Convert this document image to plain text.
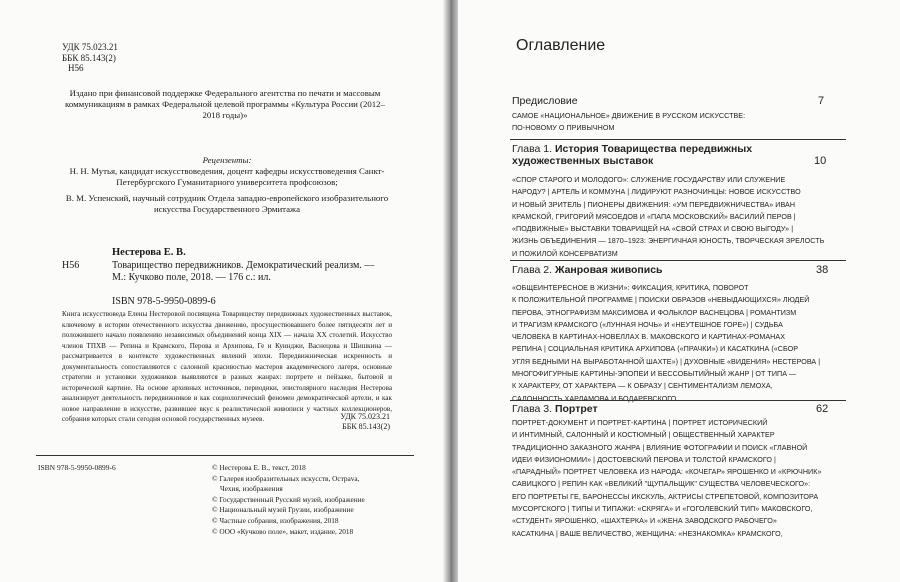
УДК 75.023.21
ББК 85.143(2)
Н56
Издано при финансовой поддержке Федерального агентства по печати и массовым коммуникациям в рамках Федеральной целевой программы «Культура России (2012–2018 годы)»
Рецензенты:
Н. Н. Мутья, кандидат искусствоведения, доцент кафедры искусствоведения Санкт-Петербургского Гуманитарного университета профсоюзов;
В. М. Успенский, научный сотрудник Отдела западно-европейского изобразительного искусства Государственного Эрмитажа
Нестерова Е. В.
Н56	Товарищество передвижников. Демократический реализм. — М.: Кучково поле, 2018. — 176 с.: ил.
ISBN 978-5-9950-0899-6
Книга искусствоведа Елены Нестеровой посвящена Товариществу передвижных художественных выставок, ключевому в истории отечественного искусства движению, просуществовавшего более пятидесяти лет и положившего начало появлению независимых объединений конца XIX — начала XX столетий. Искусство членов ТПХВ — Репина и Крамского, Перова и Архипова, Ге и Куинджи, Васнецова и Шишкина — рассматривается в контексте художественных явлений эпохи. Передвижническая искренность и документальность сопоставляются с салонной красивостью мастеров академического лагеря, основные стратегии и установки художников выявляются в разных жанрах: портрете и пейзаже, бытовой и исторической картине. На основе архивных источников, периодики, эпистолярного наследия Нестерова анализирует деятельность передвижников и как социологический феномен демократической артели, и как новое направление в искусстве, развившее вкус к реалистической живописи у частных коллекционеров, собрания которых стали сегодня основой государственных музеев.	УДК 75.023.21
ББК 85.143(2)
ISBN 978-5-9950-0899-6	© Нестерова Е. В., текст, 2018
© Галерея изобразительных искусств, Остраva,
Чехия, изображения
© Государственный Русский музей, изображение
© Национальный музей Грузии, изображение
© Частные собрания, изображения, 2018
© ООО «Кучково поле», макет, издание, 2018
Оглавление
Предисловие	7
САМОЕ «НАЦИОНАЛЬНОЕ» ДВИЖЕНИЕ В РУССКОМ ИСКУССТВЕ:
ПО-НОВОМУ О ПРИВЫЧНОМ
Глава 1. История Товарищества передвижных
художественных выставок	10
«СПОР СТАРОГО И МОЛОДОГО»: СЛУЖЕНИЕ ГОСУДАРСТВУ ИЛИ СЛУЖЕНИЕ
НАРОДУ? | АРТЕЛЬ И КОММУНА | ЛИДИРУЮТ РАЗНОЧИНЦЫ: НОВОЕ ИСКУССТВО
И НОВЫЙ ЗРИТЕЛЬ | ПИОНЕРЫ ДВИЖЕНИЯ: «УМ ПЕРЕДВИЖНИЧЕСТВА» ИВАН
КРАМСКОЙ, ГРИГОРИЙ МЯСОЕДОВ И «ПАПА МОСКОВСКИЙ» ВАСИЛИЙ ПЕРОВ |
«ПОДВИЖНЫЕ» ВЫСТАВКИ ТОВАРИЩЕЙ НА «СВОЙ СТРАХ И СВОЮ ВЫГОДУ» |
ЖИЗНЬ ОБЪЕДИНЕНИЯ — 1870–1923: ЭНЕРГИЧНАЯ ЮНОСТЬ, ТВОРЧЕСКАЯ ЗРЕЛОСТЬ
И ПОЖИЛОЙ КОНСЕРВАТИЗМ
Глава 2. Жанровая живопись	38
«ОБЩЕИНТЕРЕСНОЕ В ЖИЗНИ»: ФИКСАЦИЯ, КРИТИКА, ПОВОРОТ
К ПОЛОЖИТЕЛЬНОЙ ПРОГРАММЕ | ПОИСКИ ОБРАЗОВ «НЕВЫДАЮЩИХСЯ» ЛЮДЕЙ
ПЕРОВА, ЭТНОГРАФИЗМ МАКСИМОВА И ФОЛЬКЛОР ВАСНЕЦОВА | РОМАНТИЗМ
И ТРАГИЗМ КРАМСКОГО («ЛУННАЯ НОЧЬ» И «НЕУТЕШНОЕ ГОРЕ») | СУДЬБА
ЧЕЛОВЕКА В КАРТИНАХ-НОВЕЛЛАХ В. МАКОВСКОГО И КАРТИНАХ-РОМАНАХ
РЕПИНА | СОЦИАЛЬНАЯ КРИТИКА АРХИПОВА («ПРАЧКИ») И КАСАТКИНА («СБОР
УГЛЯ БЕДНЫМИ НА ВЫРАБОТАННОЙ ШАХТЕ») | ДУХОВНЫЕ «ВИДЕНИЯ» НЕСТЕРОВА |
МНОГОФИГУРНЫЕ КАРТИНЫ-ЭПОПЕИ И БЕССОБЫТИЙНЫЙ ЖАНР | ОТ ТИПА —
К ХАРАКТЕРУ, ОТ ХАРАКТЕРА — К ОБРАЗУ | СЕНТИМЕНТАЛИЗМ ЛЕМОХА,
САЛОННОСТЬ ХАРЛАМОВА И БОДАРЕВСКОГО
Глава 3. Портрет	62
ПОРТРЕТ-ДОКУМЕНТ И ПОРТРЕТ-КАРТИНА | ПОРТРЕТ ИСТОРИЧЕСКИЙ
И ИНТИМНЫЙ, САЛОННЫЙ И КОСТЮМНЫЙ | ОБЩЕСТВЕННЫЙ ХАРАКТЕР
ТРАДИЦИОННО ЗАКАЗНОГО ЖАНРА | ВЛИЯНИЕ ФОТОГРАФИИ И ПОИСК «ГЛАВНОЙ
ИДЕИ ФИЗИОНОМИИ» | ДОСТОЕВСКИЙ ПЕРОВА И ТОЛСТОЙ КРАМСКОГО |
«ПАРАДНЫЙ» ПОРТРЕТ ЧЕЛОВЕКА ИЗ НАРОДА: «КОЧЕГАР» ЯРОШЕНКО И «КРЮЧНИК»
САВИЦКОГО | РЕПИН КАК «ВЕЛИКИЙ "ЩУПАЛЬЩИК" СУЩЕСТВА ЧЕЛОВЕЧЕСКОГО»:
ЕГО ПОРТРЕТЫ ГЕ, БАРОНЕССЫ ИКСКУЛЬ, АКТРИСЫ СТРЕПЕТОВОЙ, КОМПОЗИТОРА
МУСОРГСКОГО | ТИПЫ И ТИПАЖИ: «СКРЯГА» И «ГОГОЛЕВСКИЙ ТИП» МАКОВСКОГО,
«СТУДЕНТ» ЯРОШЕНКО, «ШАХТЕРКА» И «ЖЕНА ЗАВОДСКОГО РАБОЧЕГО»
КАСАТКИНА | ВАШЕ ВЕЛИЧЕСТВО, ЖЕНЩИНА: «НЕЗНАКОМКА» КРАМСКОГО,
